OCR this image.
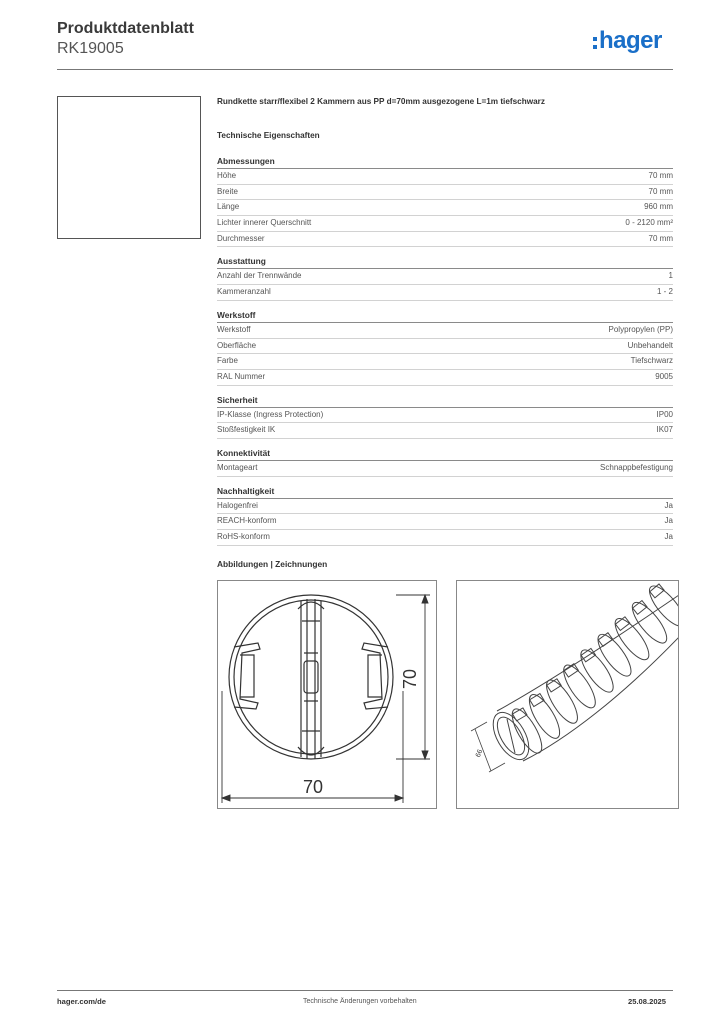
Produktdatenblatt
RK19005	hager
Rundkette starr/flexibel 2 Kammern aus PP d=70mm ausgezogene L=1m tiefschwarz
Technische Eigenschaften
Abmessungen
Höhe	70 mm
Breite	70 mm
Länge	960 mm
Lichter innerer Querschnitt	0 - 2120 mm²
Durchmesser	70 mm
Ausstattung
Anzahl der Trennwände	1
Kammeranzahl	1 - 2
Werkstoff
Werkstoff	Polypropylen (PP)
Oberfläche	Unbehandelt
Farbe	Tiefschwarz
RAL Nummer	9005
Sicherheit
IP-Klasse (Ingress Protection)	IP00
Stoßfestigkeit IK	IK07
Konnektivität
Montageart	Schnappbefestigung
Nachhaltigkeit
Halogenfrei	Ja
REACH-konform	Ja
RoHS-konform	Ja
Abbildungen | Zeichnungen
70
70
66
hager.com/de	Technische Änderungen vorbehalten	25.08.2025
